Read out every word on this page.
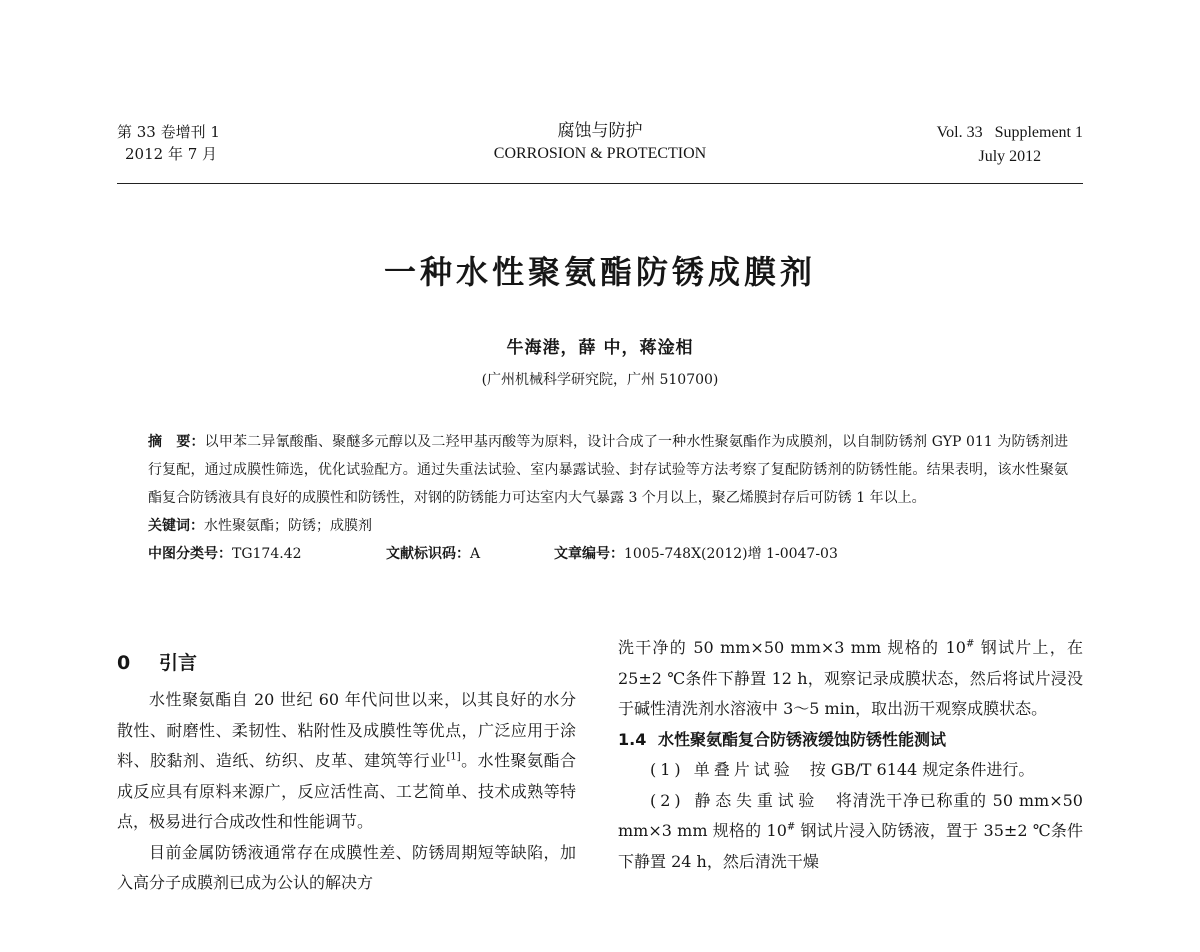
第 33 卷增刊 1
2012 年 7 月
腐蚀与防护
CORROSION & PROTECTION
Vol. 33   Supplement 1
July 2012
一种水性聚氨酯防锈成膜剂
牛海港，薛 中，蒋淦相
(广州机械科学研究院，广州 510700)
摘　要：以甲苯二异氰酸酯、聚醚多元醇以及二羟甲基丙酸等为原料，设计合成了一种水性聚氨酯作为成膜剂，以自制防锈剂 GYP 011 为防锈剂进行复配，通过成膜性筛选，优化试验配方。通过失重法试验、室内暴露试验、封存试验等方法考察了复配防锈剂的防锈性能。结果表明，该水性聚氨酯复合防锈液具有良好的成膜性和防锈性，对钢的防锈能力可达室内大气暴露 3 个月以上，聚乙烯膜封存后可防锈 1 年以上。
关键词：水性聚氨酯；防锈；成膜剂
中图分类号：TG174.42	文献标识码：A	文章编号：1005-748X(2012)增 1-0047-03
0 引言

水性聚氨酯自 20 世纪 60 年代问世以来，以其良好的水分散性、耐磨性、柔韧性、粘附性及成膜性等优点，广泛应用于涂料、胶黏剂、造纸、纺织、皮革、建筑等行业[1]。水性聚氨酯合成反应具有原料来源广，反应活性高、工艺简单、技术成熟等特点，极易进行合成改性和性能调节。

目前金属防锈液通常存在成膜性差、防锈周期短等缺陷，加入高分子成膜剂已成为公认的解决方

洗干净的 50 mm×50 mm×3 mm 规格的 10# 钢试片上，在 25±2 ℃条件下静置 12 h，观察记录成膜状态，然后将试片浸没于碱性清洗剂水溶液中 3～5 min，取出沥干观察成膜状态。

1.4 水性聚氨酯复合防锈液缓蚀防锈性能测试

(1) 单叠片试验　按 GB/T 6144 规定条件进行。

(2) 静态失重试验　将清洗干净已称重的 50 mm×50 mm×3 mm 规格的 10# 钢试片浸入防锈液，置于 35±2 ℃条件下静置 24 h，然后清洗干燥
